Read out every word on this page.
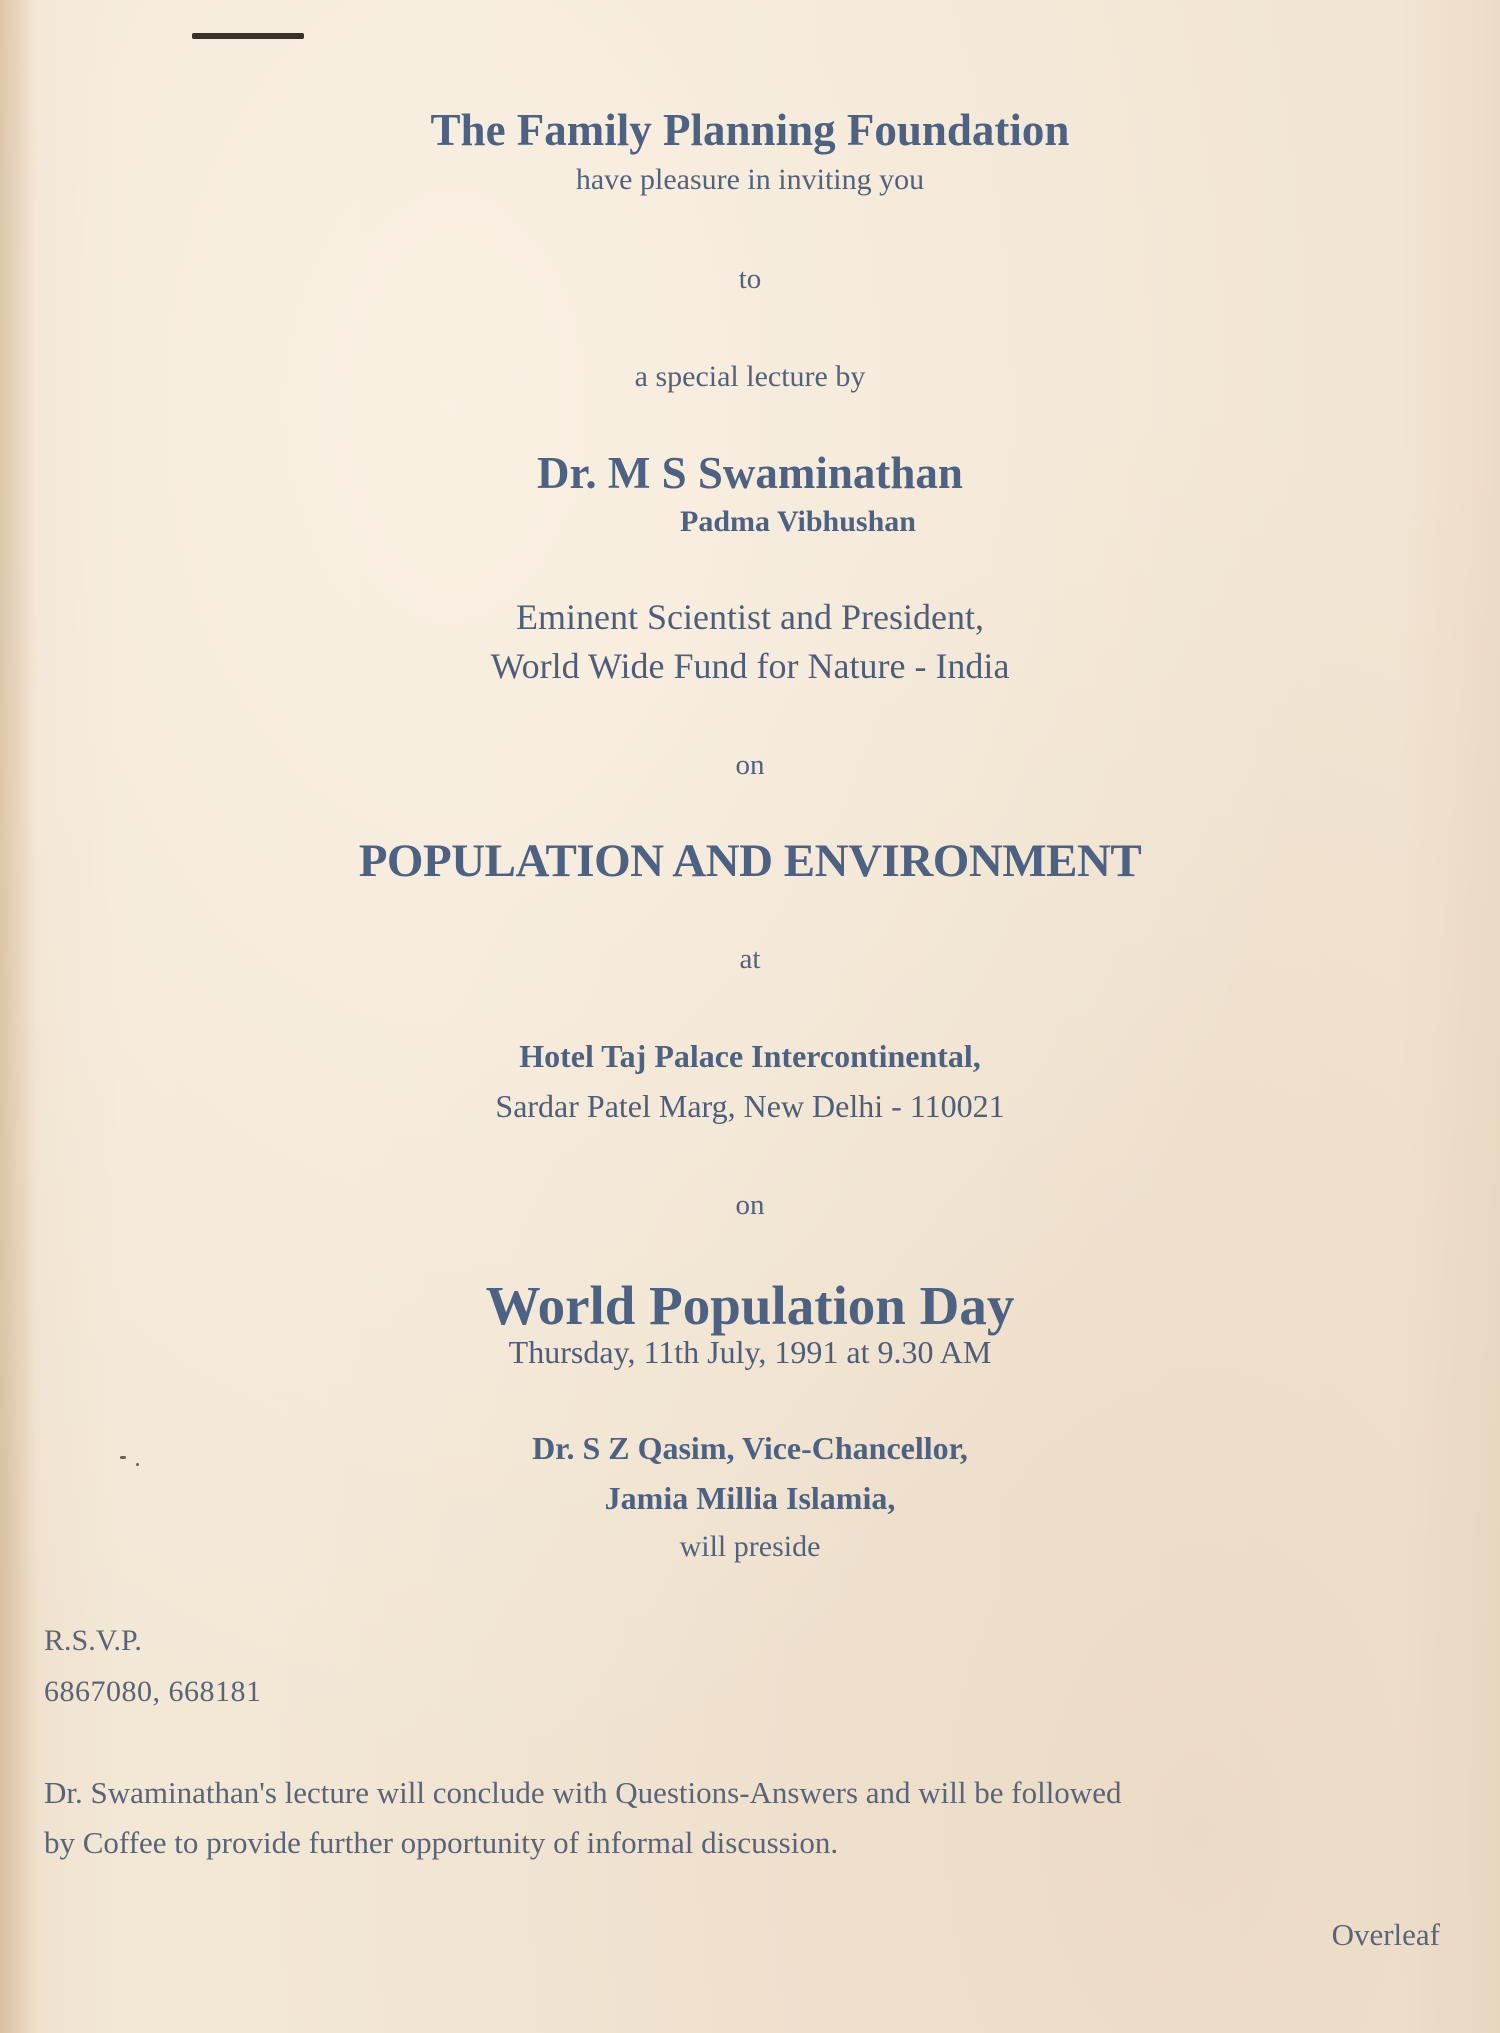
The Family Planning Foundation
have pleasure in inviting you
to
a special lecture by
Dr. M S Swaminathan
Padma Vibhushan
Eminent Scientist and President,
World Wide Fund for Nature - India
on
POPULATION AND ENVIRONMENT
at
Hotel Taj Palace Intercontinental,
Sardar Patel Marg, New Delhi - 110021
on
World Population Day
Thursday, 11th July, 1991 at 9.30 AM
Dr. S Z Qasim, Vice-Chancellor,
Jamia Millia Islamia,
will preside
R.S.V.P.
6867080, 668181
Dr. Swaminathan's lecture will conclude with Questions-Answers and will be followed
by Coffee to provide further opportunity of informal discussion.
Overleaf
